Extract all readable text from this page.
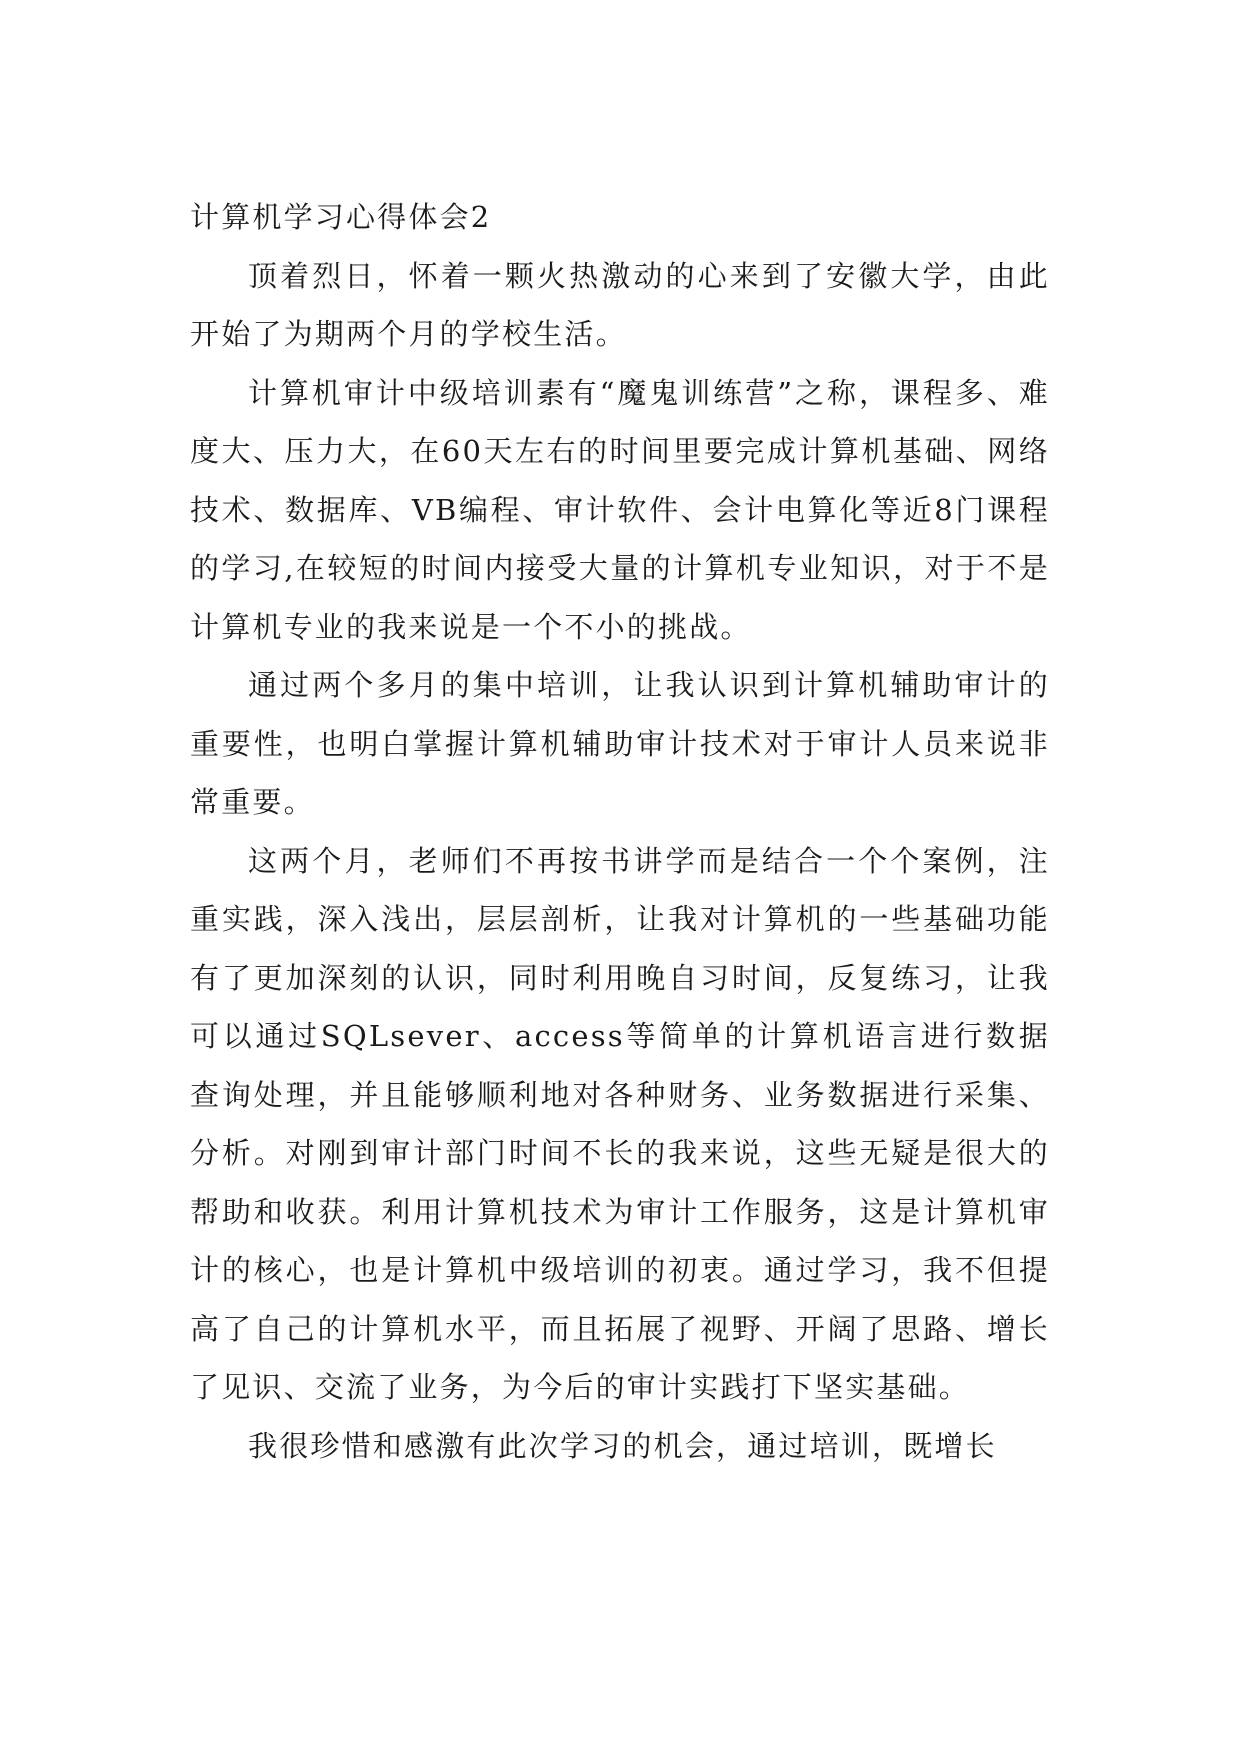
计算机学习心得体会2

顶着烈日，怀着一颗火热激动的心来到了安徽大学，由此开始了为期两个月的学校生活。

计算机审计中级培训素有“魔鬼训练营”之称，课程多、难度大、压力大，在60天左右的时间里要完成计算机基础、网络技术、数据库、VB编程、审计软件、会计电算化等近8门课程的学习,在较短的时间内接受大量的计算机专业知识，对于不是计算机专业的我来说是一个不小的挑战。

通过两个多月的集中培训，让我认识到计算机辅助审计的重要性，也明白掌握计算机辅助审计技术对于审计人员来说非常重要。

这两个月，老师们不再按书讲学而是结合一个个案例，注重实践，深入浅出，层层剖析，让我对计算机的一些基础功能有了更加深刻的认识，同时利用晚自习时间，反复练习，让我可以通过SQLsever、access等简单的计算机语言进行数据查询处理，并且能够顺利地对各种财务、业务数据进行采集、分析。对刚到审计部门时间不长的我来说，这些无疑是很大的帮助和收获。利用计算机技术为审计工作服务，这是计算机审计的核心，也是计算机中级培训的初衷。通过学习，我不但提高了自己的计算机水平，而且拓展了视野、开阔了思路、增长了见识、交流了业务，为今后的审计实践打下坚实基础。

我很珍惜和感激有此次学习的机会，通过培训，既增长
